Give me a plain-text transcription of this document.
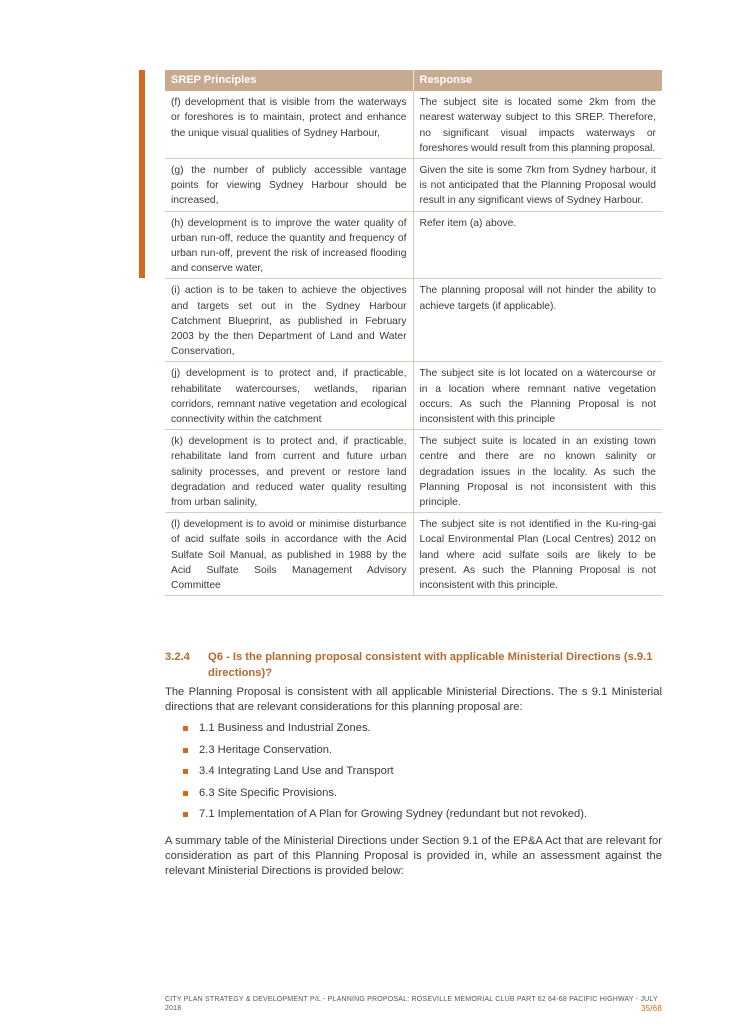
SREP Principles	Response
(f) development that is visible from the waterways or foreshores is to maintain, protect and enhance the unique visual qualities of Sydney Harbour,	The subject site is located some 2km from the nearest waterway subject to this SREP. Therefore, no significant visual impacts waterways or foreshores would result from this planning proposal.
(g) the number of publicly accessible vantage points for viewing Sydney Harbour should be increased,	Given the site is some 7km from Sydney harbour, it is not anticipated that the Planning Proposal would result in any significant views of Sydney Harbour.
(h) development is to improve the water quality of urban run-off, reduce the quantity and frequency of urban run-off, prevent the risk of increased flooding and conserve water,	Refer item (a) above.
(i) action is to be taken to achieve the objectives and targets set out in the Sydney Harbour Catchment Blueprint, as published in February 2003 by the then Department of Land and Water Conservation,	The planning proposal will not hinder the ability to achieve targets (if applicable).
(j) development is to protect and, if practicable, rehabilitate watercourses, wetlands, riparian corridors, remnant native vegetation and ecological connectivity within the catchment	The subject site is lot located on a watercourse or in a location where remnant native vegetation occurs. As such the Planning Proposal is not inconsistent with this principle
(k) development is to protect and, if practicable, rehabilitate land from current and future urban salinity processes, and prevent or restore land degradation and reduced water quality resulting from urban salinity,	The subject suite is located in an existing town centre and there are no known salinity or degradation issues in the locality. As such the Planning Proposal is not inconsistent with this principle.
(l) development is to avoid or minimise disturbance of acid sulfate soils in accordance with the Acid Sulfate Soil Manual, as published in 1988 by the Acid Sulfate Soils Management Advisory Committee	The subject site is not identified in the Ku-ring-gai Local Environmental Plan (Local Centres) 2012 on land where acid sulfate soils are likely to be present. As such the Planning Proposal is not inconsistent with this principle.
3.2.4	Q6 - Is the planning proposal consistent with applicable Ministerial Directions (s.9.1 directions)?

The Planning Proposal is consistent with all applicable Ministerial Directions. The s 9.1 Ministerial directions that are relevant considerations for this planning proposal are:

1.1 Business and Industrial Zones.
2.3 Heritage Conservation.
3.4 Integrating Land Use and Transport
6.3 Site Specific Provisions.
7.1 Implementation of A Plan for Growing Sydney (redundant but not revoked).

A summary table of the Ministerial Directions under Section 9.1 of the EP&A Act that are relevant for consideration as part of this Planning Proposal is provided in, while an assessment against the relevant Ministerial Directions is provided below:

CITY PLAN STRATEGY & DEVELOPMENT P/L - PLANNING PROPOSAL: ROSEVILLE MEMORIAL CLUB PART 62 64-68 PACIFIC HIGHWAY - JULY
2018	35/68
